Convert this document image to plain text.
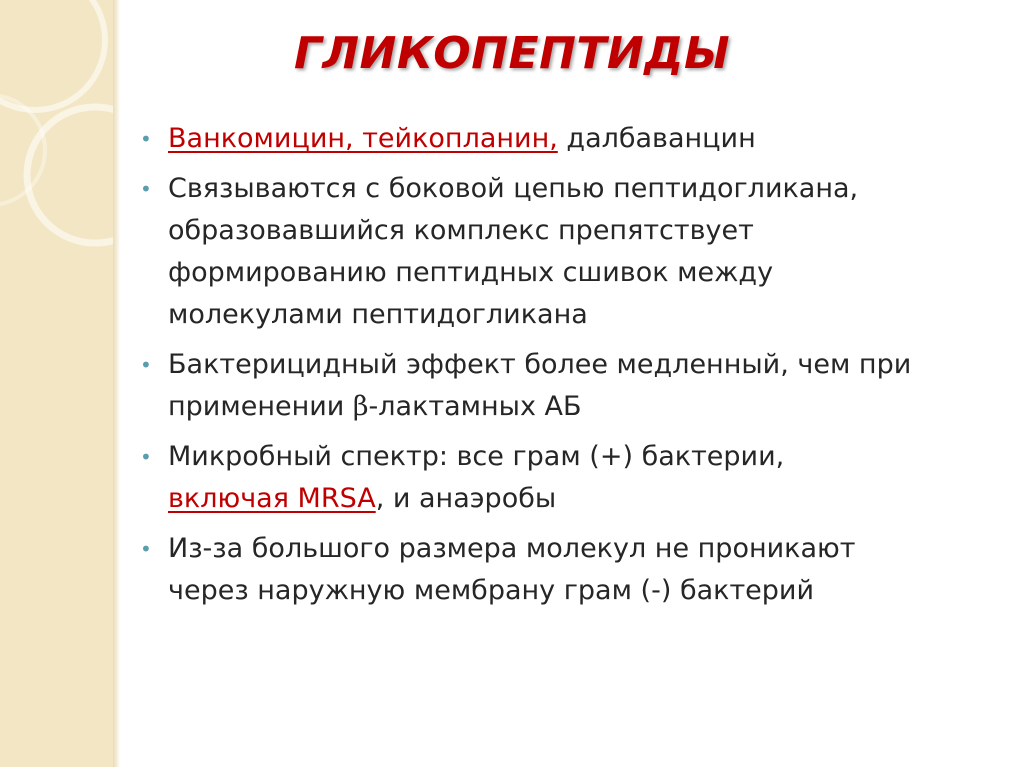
ГЛИКОПЕПТИДЫ
• Ванкомицин, тейкопланин, далбаванцин
• Связываются с боковой цепью пептидогликана,
образовавшийся комплекс препятствует
формированию пептидных сшивок между
молекулами пептидогликана
• Бактерицидный эффект более медленный, чем при
применении β-лактамных АБ
• Микробный спектр: все грам (+) бактерии,
включая MRSA, и анаэробы
• Из-за большого размера молекул не проникают
через наружную мембрану грам (-) бактерий
